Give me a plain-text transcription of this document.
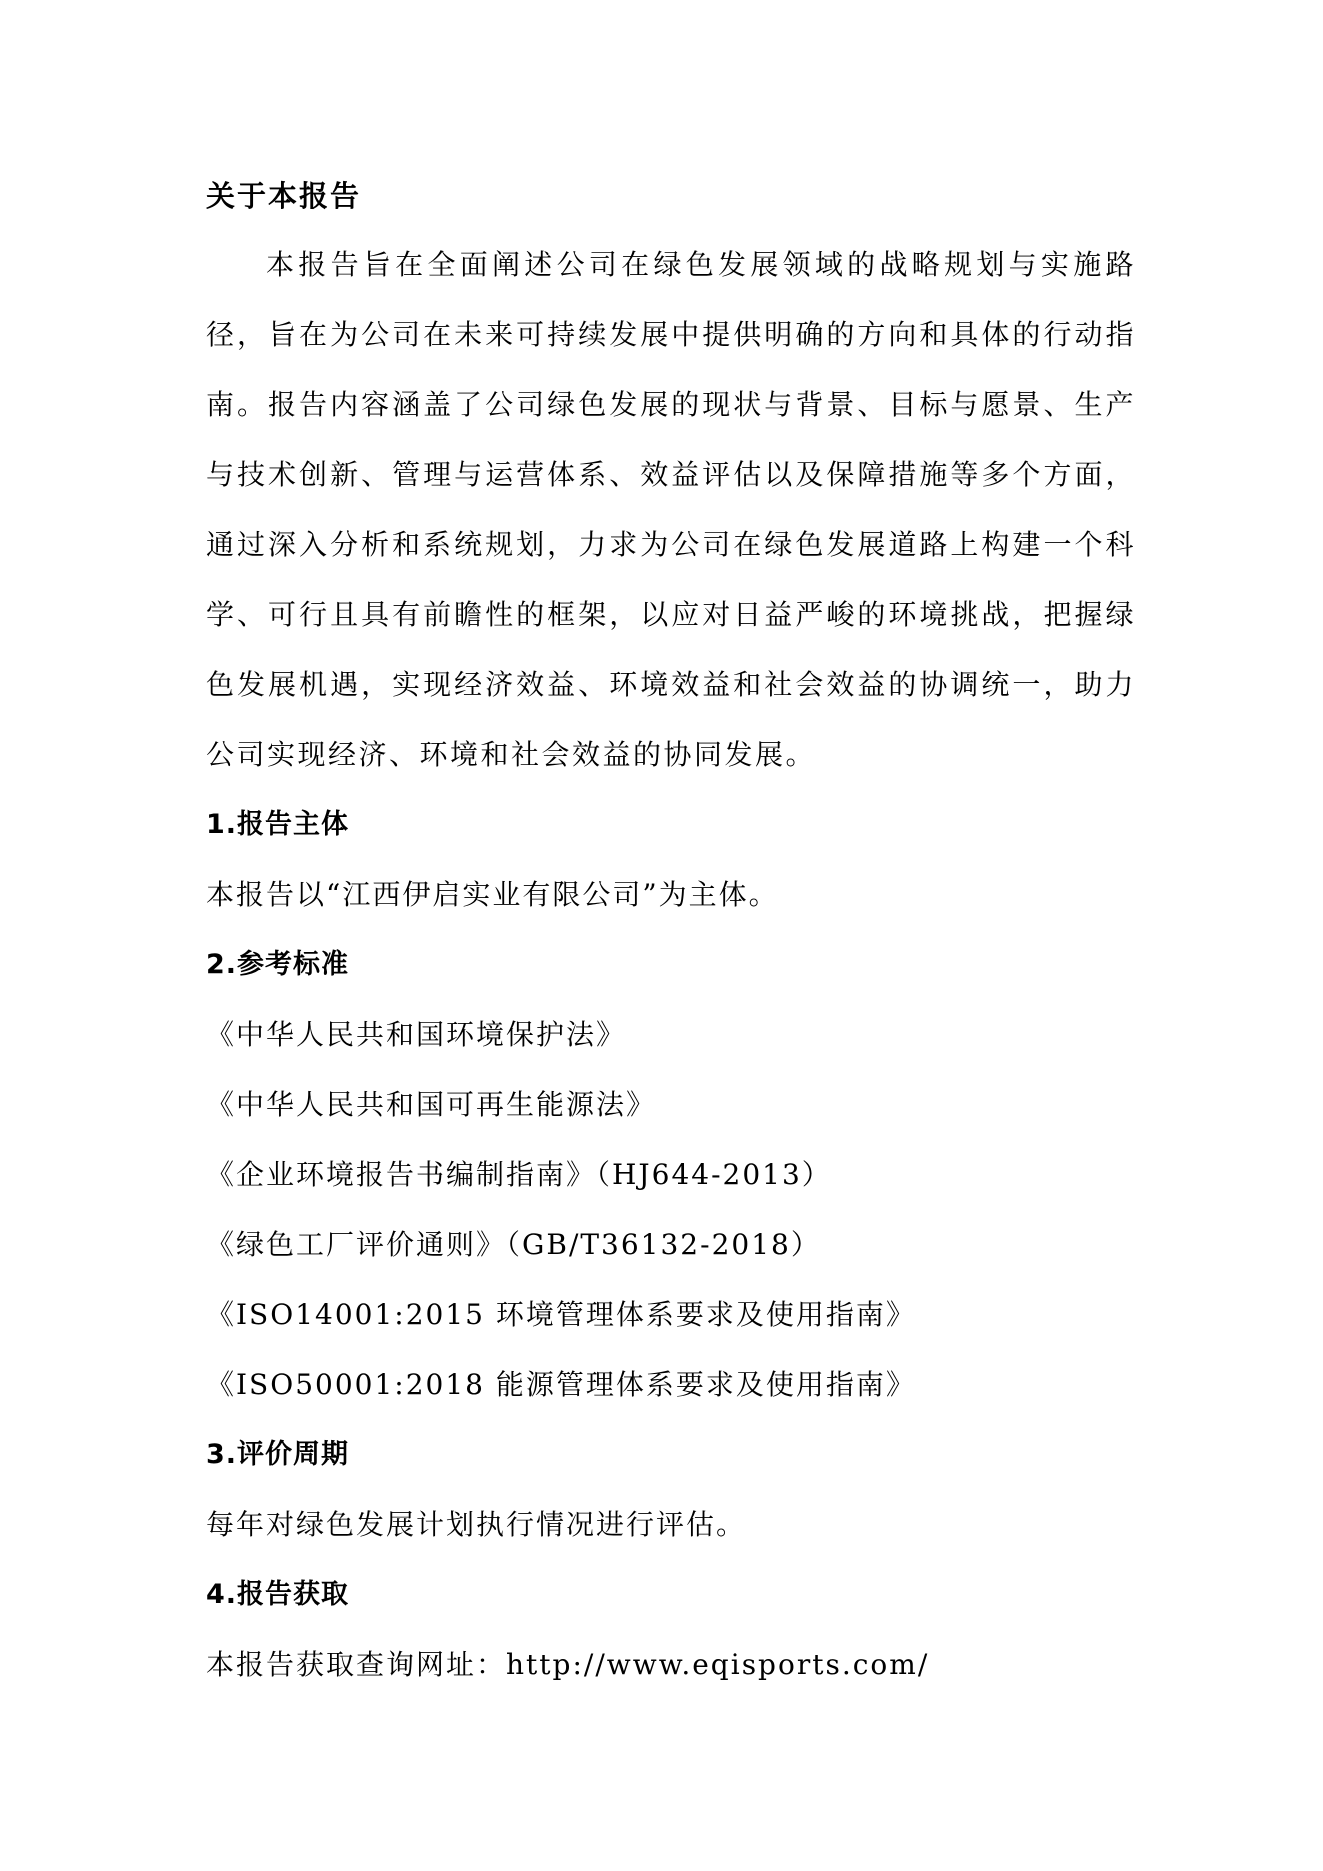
关于本报告

本报告旨在全面阐述公司在绿色发展领域的战略规划与实施路径，旨在为公司在未来可持续发展中提供明确的方向和具体的行动指南。报告内容涵盖了公司绿色发展的现状与背景、目标与愿景、生产与技术创新、管理与运营体系、效益评估以及保障措施等多个方面，通过深入分析和系统规划，力求为公司在绿色发展道路上构建一个科学、可行且具有前瞻性的框架，以应对日益严峻的环境挑战，把握绿色发展机遇，实现经济效益、环境效益和社会效益的协调统一，助力公司实现经济、环境和社会效益的协同发展。

1.报告主体

本报告以“江西伊启实业有限公司”为主体。

2.参考标准

《中华人民共和国环境保护法》

《中华人民共和国可再生能源法》

《企业环境报告书编制指南》（HJ644-2013）

《绿色工厂评价通则》（GB/T36132-2018）

《ISO14001:2015 环境管理体系要求及使用指南》

《ISO50001:2018 能源管理体系要求及使用指南》

3.评价周期

每年对绿色发展计划执行情况进行评估。

4.报告获取

本报告获取查询网址：http://www.eqisports.com/
